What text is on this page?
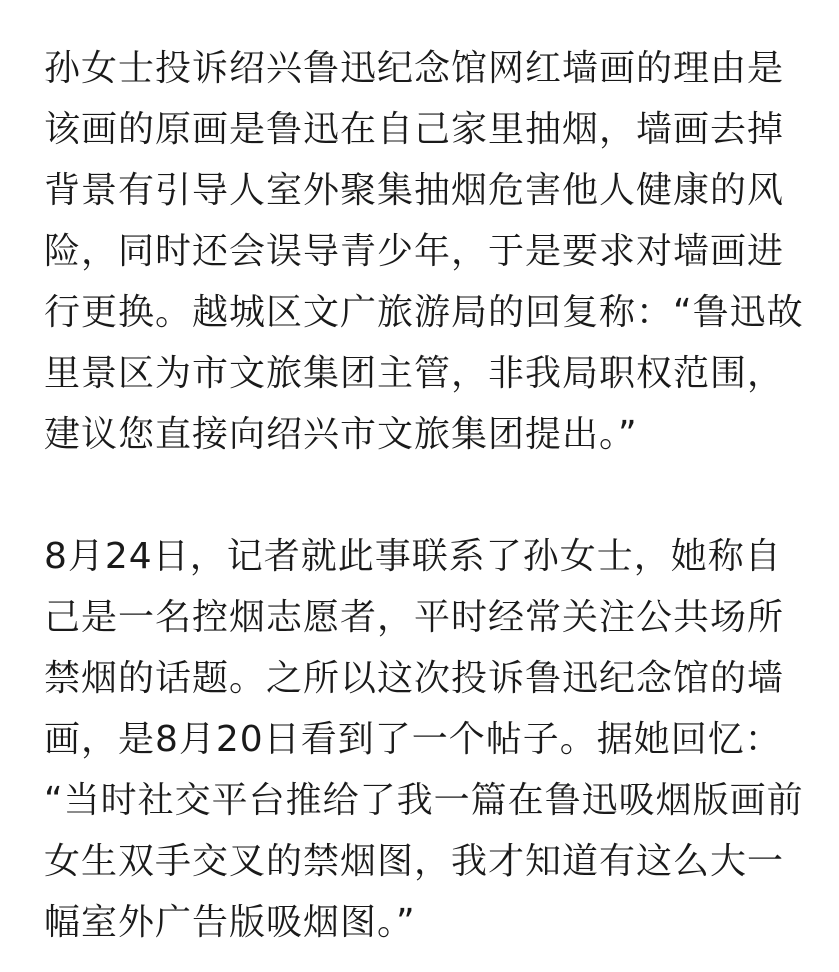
孙女士投诉绍兴鲁迅纪念馆网红墙画的理由是
该画的原画是鲁迅在自己家里抽烟，墙画去掉
背景有引导人室外聚集抽烟危害他人健康的风
险，同时还会误导青少年，于是要求对墙画进
行更换。越城区文广旅游局的回复称：“鲁迅故
里景区为市文旅集团主管，非我局职权范围，
建议您直接向绍兴市文旅集团提出。”
8月24日，记者就此事联系了孙女士，她称自
己是一名控烟志愿者，平时经常关注公共场所
禁烟的话题。之所以这次投诉鲁迅纪念馆的墙
画，是8月20日看到了一个帖子。据她回忆：
“当时社交平台推给了我一篇在鲁迅吸烟版画前
女生双手交叉的禁烟图，我才知道有这么大一
幅室外广告版吸烟图。”
